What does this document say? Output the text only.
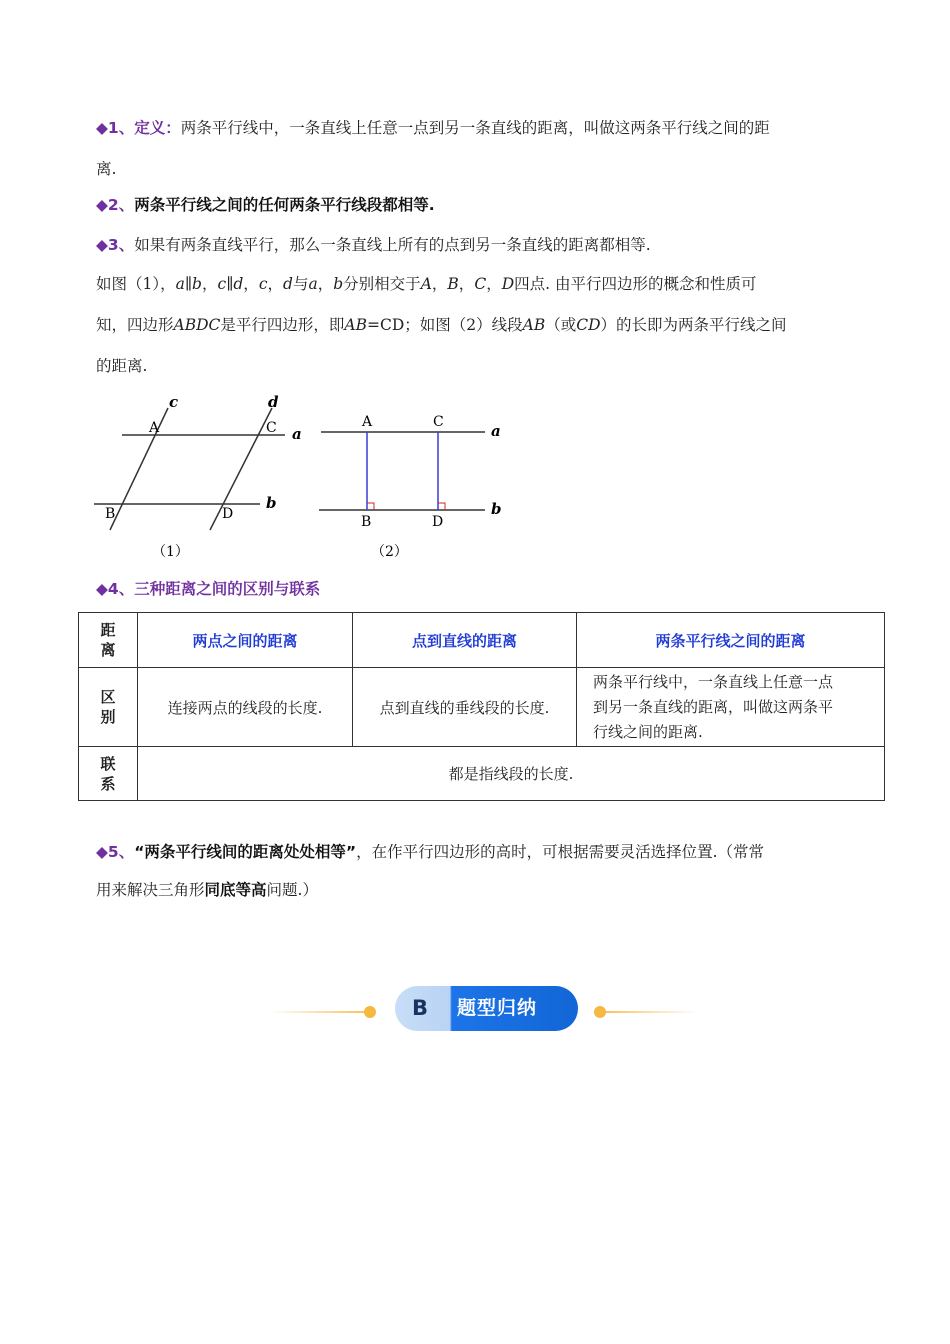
◆1、定义：两条平行线中，一条直线上任意一点到另一条直线的距离，叫做这两条平行线之间的距
离.
◆2、两条平行线之间的任何两条平行线段都相等.
◆3、如果有两条直线平行，那么一条直线上所有的点到另一条直线的距离都相等.
如图（1），a∥b，c∥d，c，d与a，b分别相交于A，B，C，D四点. 由平行四边形的概念和性质可
知，四边形ABDC是平行四边形，即AB=CD；如图（2）线段AB（或CD）的长即为两条平行线之间
的距离.
c	d
a
b
A	C
B	D
（1）
A	C
B	D
a
b
（2）
◆4、三种距离之间的区别与联系
距
离	两点之间的距离	点到直线的距离	两条平行线之间的距离
区
别	连接两点的线段的长度.	点到直线的垂线段的长度.	两条平行线中，一条直线上任意一点
到另一条直线的距离，叫做这两条平
行线之间的距离.
联
系	都是指线段的长度.		
◆5、“两条平行线间的距离处处相等”，在作平行四边形的高时，可根据需要灵活选择位置.（常常
用来解决三角形同底等高问题.）
B	题型归纳
